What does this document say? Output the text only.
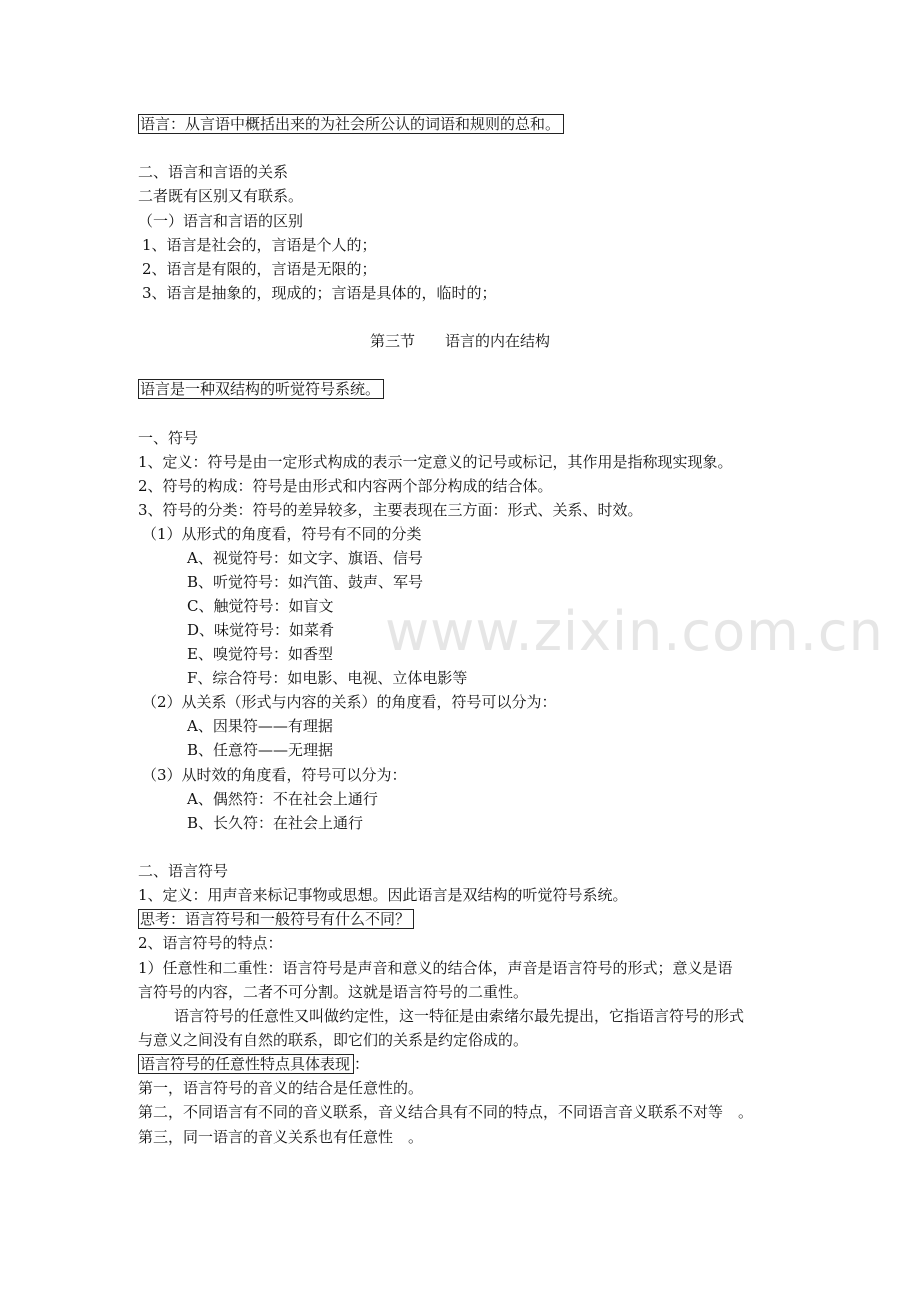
语言：从言语中概括出来的为社会所公认的词语和规则的总和。
二、语言和言语的关系
二者既有区别又有联系。
（一）语言和言语的区别
1、语言是社会的，言语是个人的；
2、语言是有限的，言语是无限的；
3、语言是抽象的，现成的；言语是具体的，临时的；
第三节　　语言的内在结构
语言是一种双结构的听觉符号系统。
一、符号
1、定义：符号是由一定形式构成的表示一定意义的记号或标记，其作用是指称现实现象。
2、符号的构成：符号是由形式和内容两个部分构成的结合体。
3、符号的分类：符号的差异较多，主要表现在三方面：形式、关系、时效。
（1）从形式的角度看，符号有不同的分类
A、视觉符号：如文字、旗语、信号
B、听觉符号：如汽笛、鼓声、军号
C、触觉符号：如盲文
D、味觉符号：如菜肴
E、嗅觉符号：如香型
F、综合符号：如电影、电视、立体电影等
（2）从关系（形式与内容的关系）的角度看，符号可以分为：
A、因果符——有理据
B、任意符——无理据
（3）从时效的角度看，符号可以分为：
A、偶然符：不在社会上通行
B、长久符：在社会上通行
二、语言符号
1、定义：用声音来标记事物或思想。因此语言是双结构的听觉符号系统。
思考：语言符号和一般符号有什么不同？
2、语言符号的特点：
1）任意性和二重性：语言符号是声音和意义的结合体，声音是语言符号的形式；意义是语
言符号的内容，二者不可分割。这就是语言符号的二重性。
语言符号的任意性又叫做约定性，这一特征是由索绪尔最先提出，它指语言符号的形式
与意义之间没有自然的联系，即它们的关系是约定俗成的。
语言符号的任意性特点具体表现 ：
第一，语言符号的音义的结合是任意性的。
第二，不同语言有不同的音义联系，音义结合具有不同的特点，不同语言音义联系不对等　。
第三，同一语言的音义关系也有任意性　。
www.zixin.com.cn
